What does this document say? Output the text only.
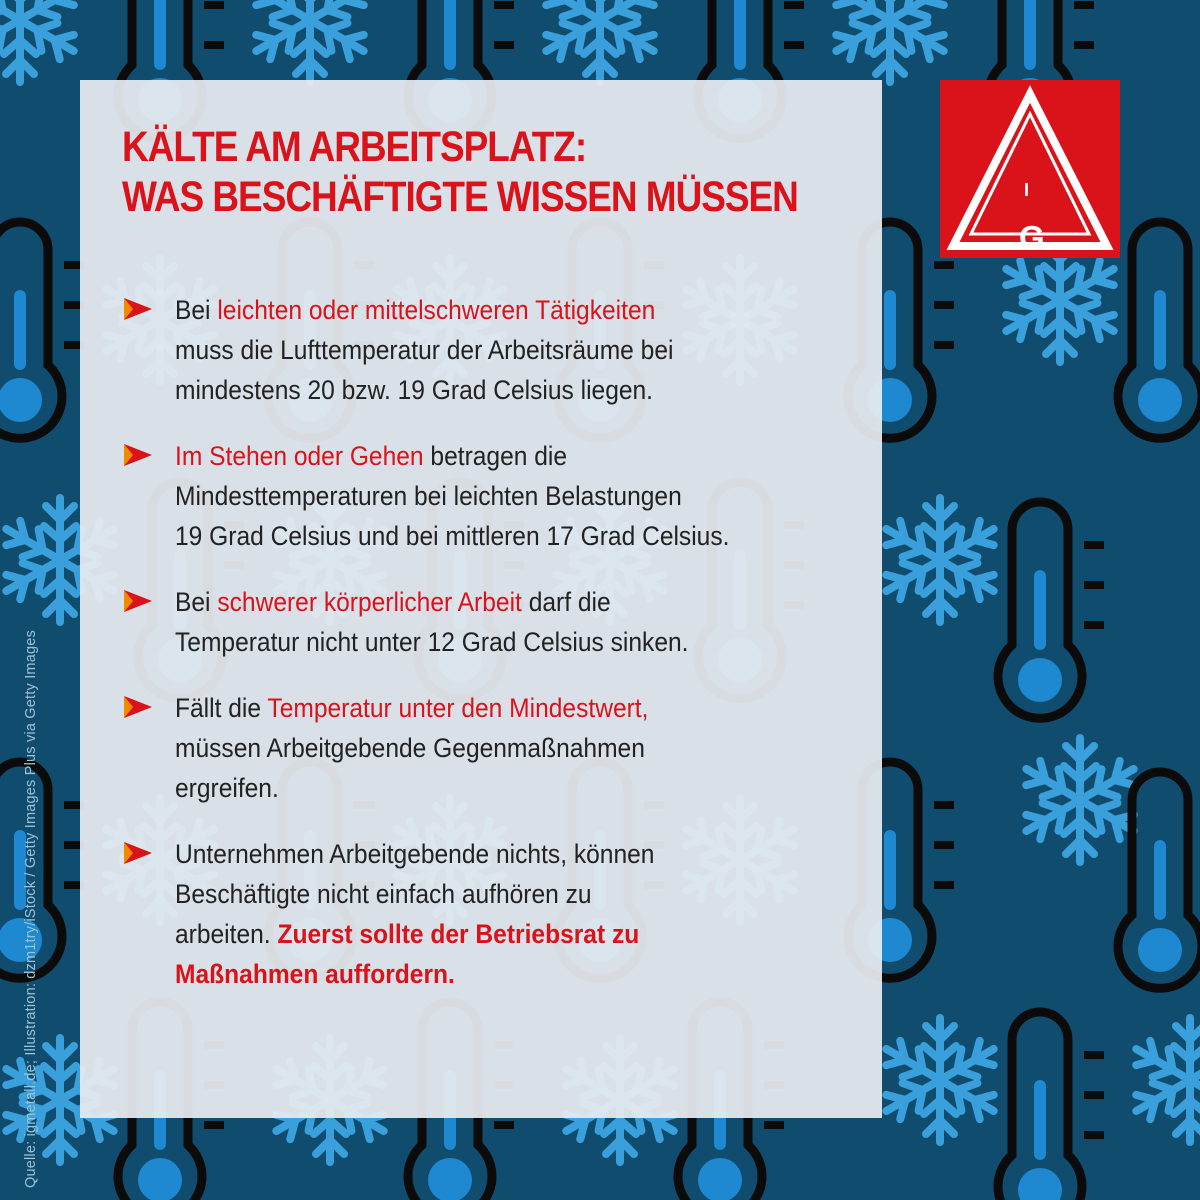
KÄLTE AM ARBEITSPLATZ:
WAS BESCHÄFTIGTE WISSEN MÜSSEN
Bei leichten oder mittelschweren Tätigkeiten
muss die Lufttemperatur der Arbeitsräume bei
mindestens 20 bzw. 19 Grad Celsius liegen.
Im Stehen oder Gehen betragen die
Mindesttemperaturen bei leichten Belastungen
19 Grad Celsius und bei mittleren 17 Grad Celsius.
Bei schwerer körperlicher Arbeit darf die
Temperatur nicht unter 12 Grad Celsius sinken.
Fällt die Temperatur unter den Mindestwert,
müssen Arbeitgebende Gegenmaßnahmen
ergreifen.
Unternehmen Arbeitgebende nichts, können
Beschäftigte nicht einfach aufhören zu
arbeiten. Zuerst sollte der Betriebsrat zu
Maßnahmen auffordern.
I
G
Quelle: igmetall.de; Illustration: dzm1try/iStock / Getty Images Plus via Getty Images
